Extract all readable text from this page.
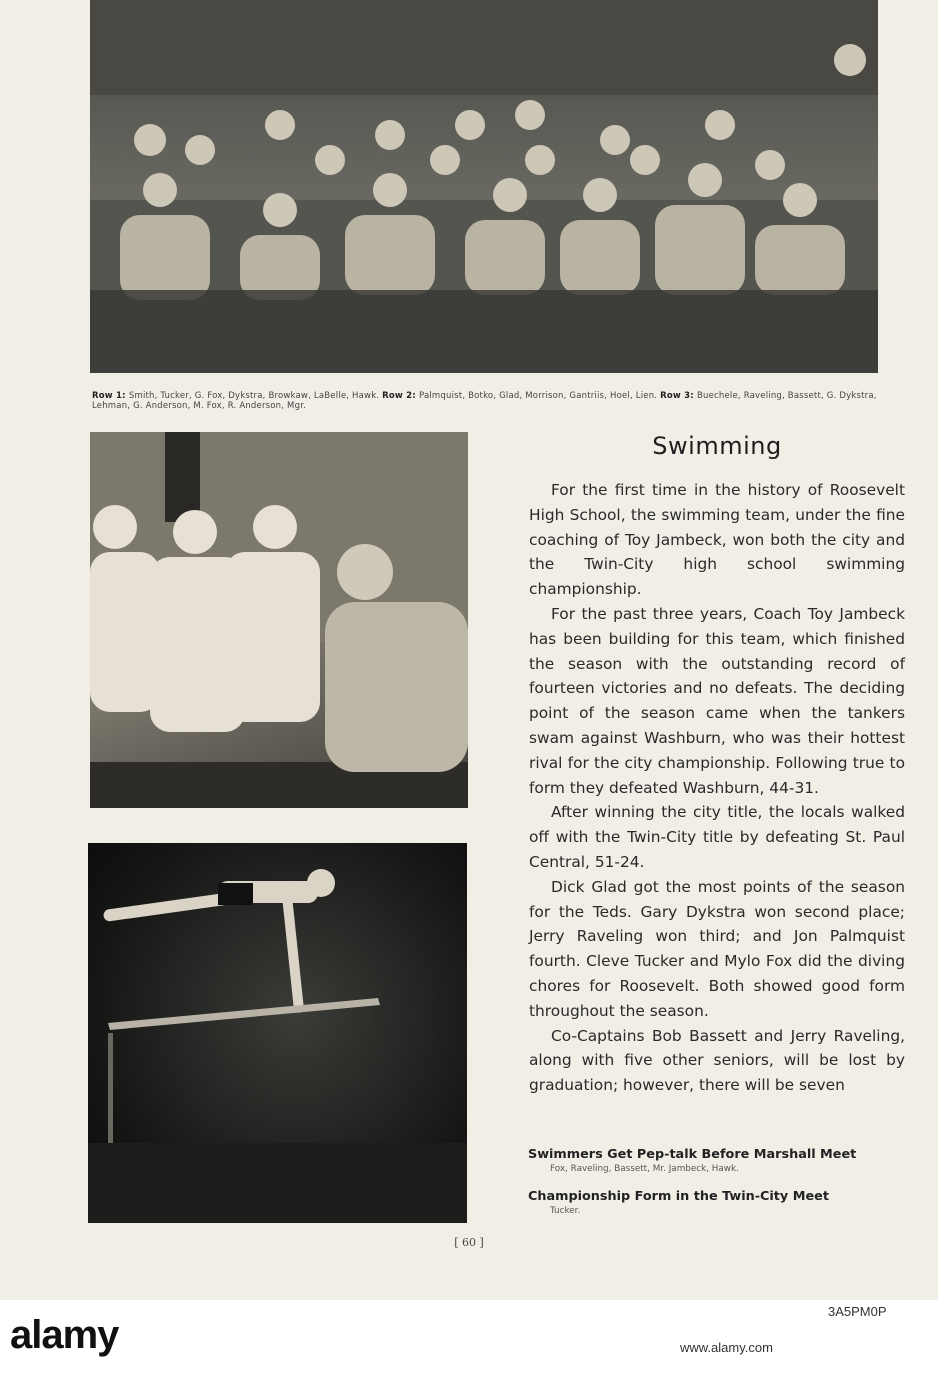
Row 1: Smith, Tucker, G. Fox, Dykstra, Browkaw, LaBelle, Hawk. Row 2: Palmquist, Botko, Glad, Morrison, Gantriis, Hoel, Lien. Row 3: Buechele, Raveling, Bassett, G. Dykstra, Lehman, G. Anderson, M. Fox, R. Anderson, Mgr.
Swimming

For the first time in the history of Roosevelt High School, the swimming team, under the fine coaching of Toy Jambeck, won both the city and the Twin-City high school swimming championship.

For the past three years, Coach Toy Jambeck has been building for this team, which finished the season with the outstanding record of fourteen victories and no defeats. The deciding point of the season came when the tankers swam against Washburn, who was their hottest rival for the city championship. Following true to form they defeated Washburn, 44-31.

After winning the city title, the locals walked off with the Twin-City title by defeating St. Paul Central, 51-24.

Dick Glad got the most points of the season for the Teds. Gary Dykstra won second place; Jerry Raveling won third; and Jon Palmquist fourth. Cleve Tucker and Mylo Fox did the diving chores for Roosevelt. Both showed good form throughout the season.

Co-Captains Bob Bassett and Jerry Raveling, along with five other seniors, will be lost by graduation; however, there will be seven

Swimmers Get Pep-talk Before Marshall Meet
Fox, Raveling, Bassett, Mr. Jambeck, Hawk.
Championship Form in the Twin-City Meet
Tucker.
[ 60 ]
alamy
3A5PM0P
www.alamy.com
